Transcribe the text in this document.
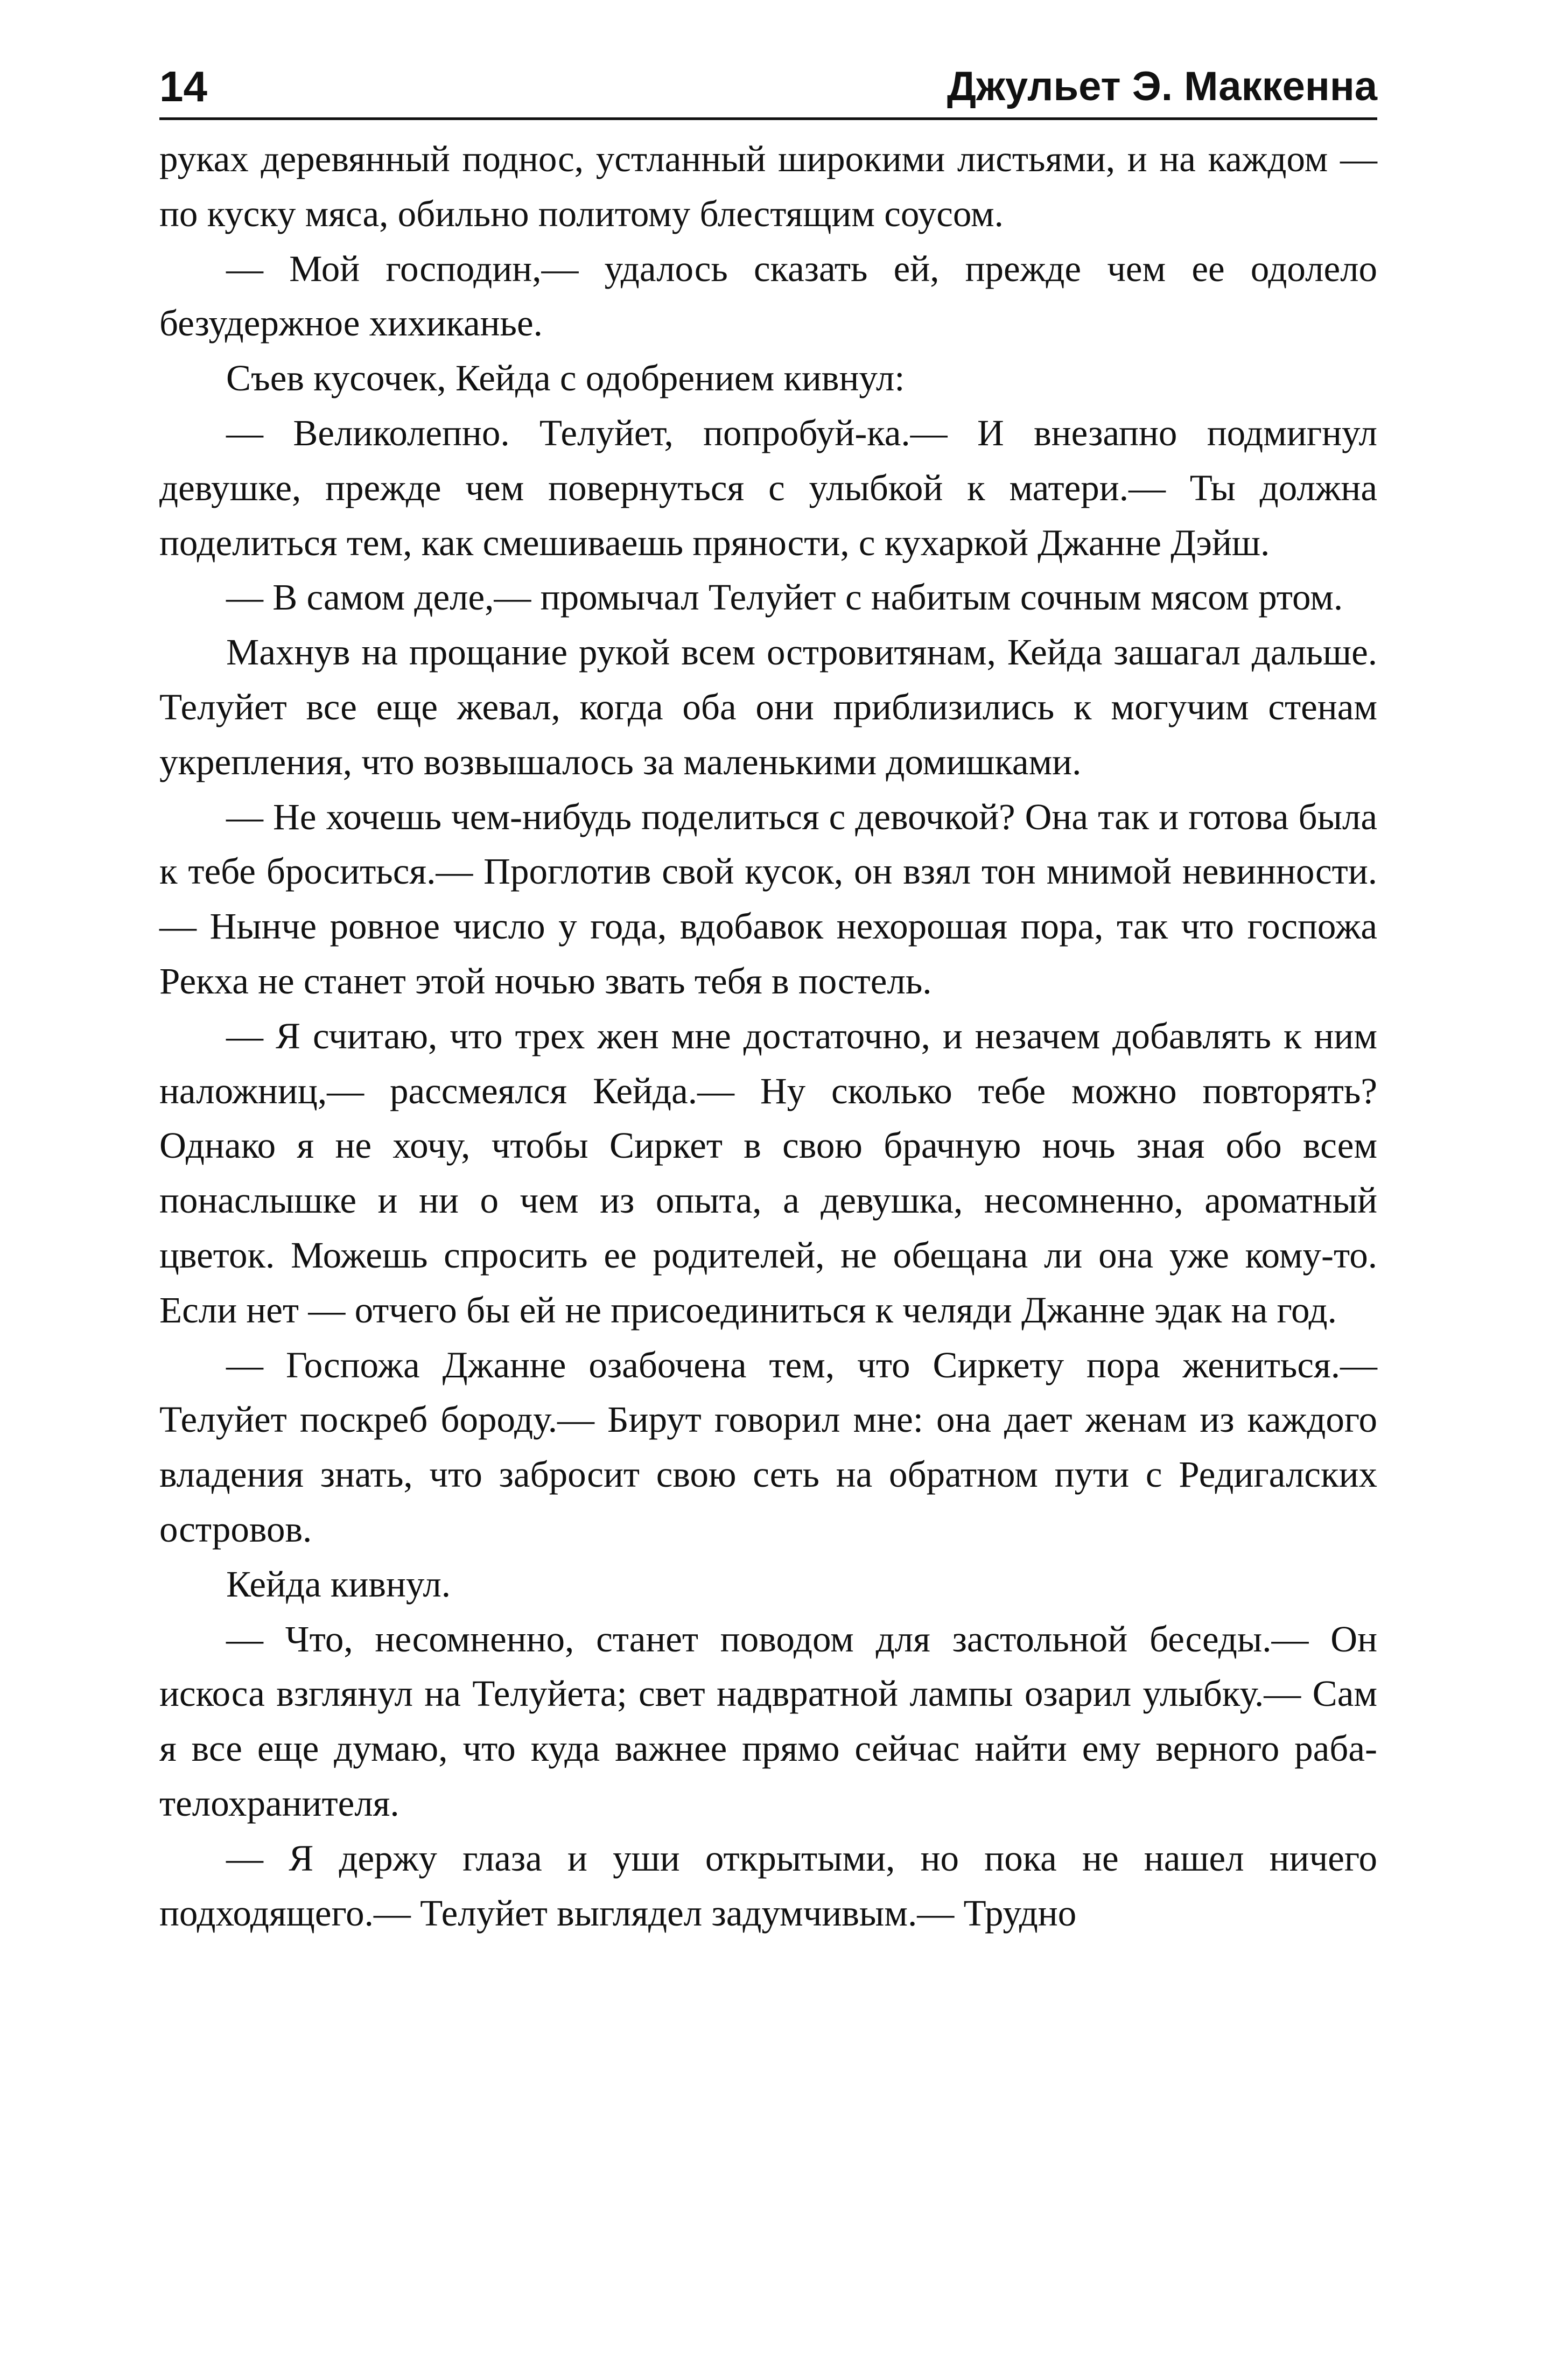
14	Джульет Э. Маккенна

руках деревянный поднос, устланный широкими листьями, и на каждом — по куску мяса, обильно политому блестящим соусом.

— Мой господин,— удалось сказать ей, прежде чем ее одолело безудержное хихиканье.

Съев кусочек, Кейда с одобрением кивнул:

— Великолепно. Телуйет, попробуй-ка.— И внезапно подмигнул девушке, прежде чем повернуться с улыбкой к матери.— Ты должна поделиться тем, как смешиваешь пряности, с кухаркой Джанне Дэйш.

— В самом деле,— промычал Телуйет с набитым сочным мясом ртом.

Махнув на прощание рукой всем островитянам, Кейда зашагал дальше. Телуйет все еще жевал, когда оба они приблизились к могучим стенам укрепления, что возвышалось за маленькими домишками.

— Не хочешь чем-нибудь поделиться с девочкой? Она так и готова была к тебе броситься.— Проглотив свой кусок, он взял тон мнимой невинности.— Нынче ровное число у года, вдобавок нехорошая пора, так что госпожа Рекха не станет этой ночью звать тебя в постель.

— Я считаю, что трех жен мне достаточно, и незачем добавлять к ним наложниц,— рассмеялся Кейда.— Ну сколько тебе можно повторять? Однако я не хочу, чтобы Сиркет в свою брачную ночь зная обо всем понаслышке и ни о чем из опыта, а девушка, несомненно, ароматный цветок. Можешь спросить ее родителей, не обещана ли она уже кому-то. Если нет — отчего бы ей не присоединиться к челяди Джанне эдак на год.

— Госпожа Джанне озабочена тем, что Сиркету пора жениться.— Телуйет поскреб бороду.— Бирут говорил мне: она дает женам из каждого владения знать, что забросит свою сеть на обратном пути с Редигалских островов.

Кейда кивнул.

— Что, несомненно, станет поводом для застольной беседы.— Он искоса взглянул на Телуйета; свет надвратной лампы озарил улыбку.— Сам я все еще думаю, что куда важнее прямо сейчас найти ему верного раба-телохранителя.

— Я держу глаза и уши открытыми, но пока не нашел ничего подходящего.— Телуйет выглядел задумчивым.— Трудно
